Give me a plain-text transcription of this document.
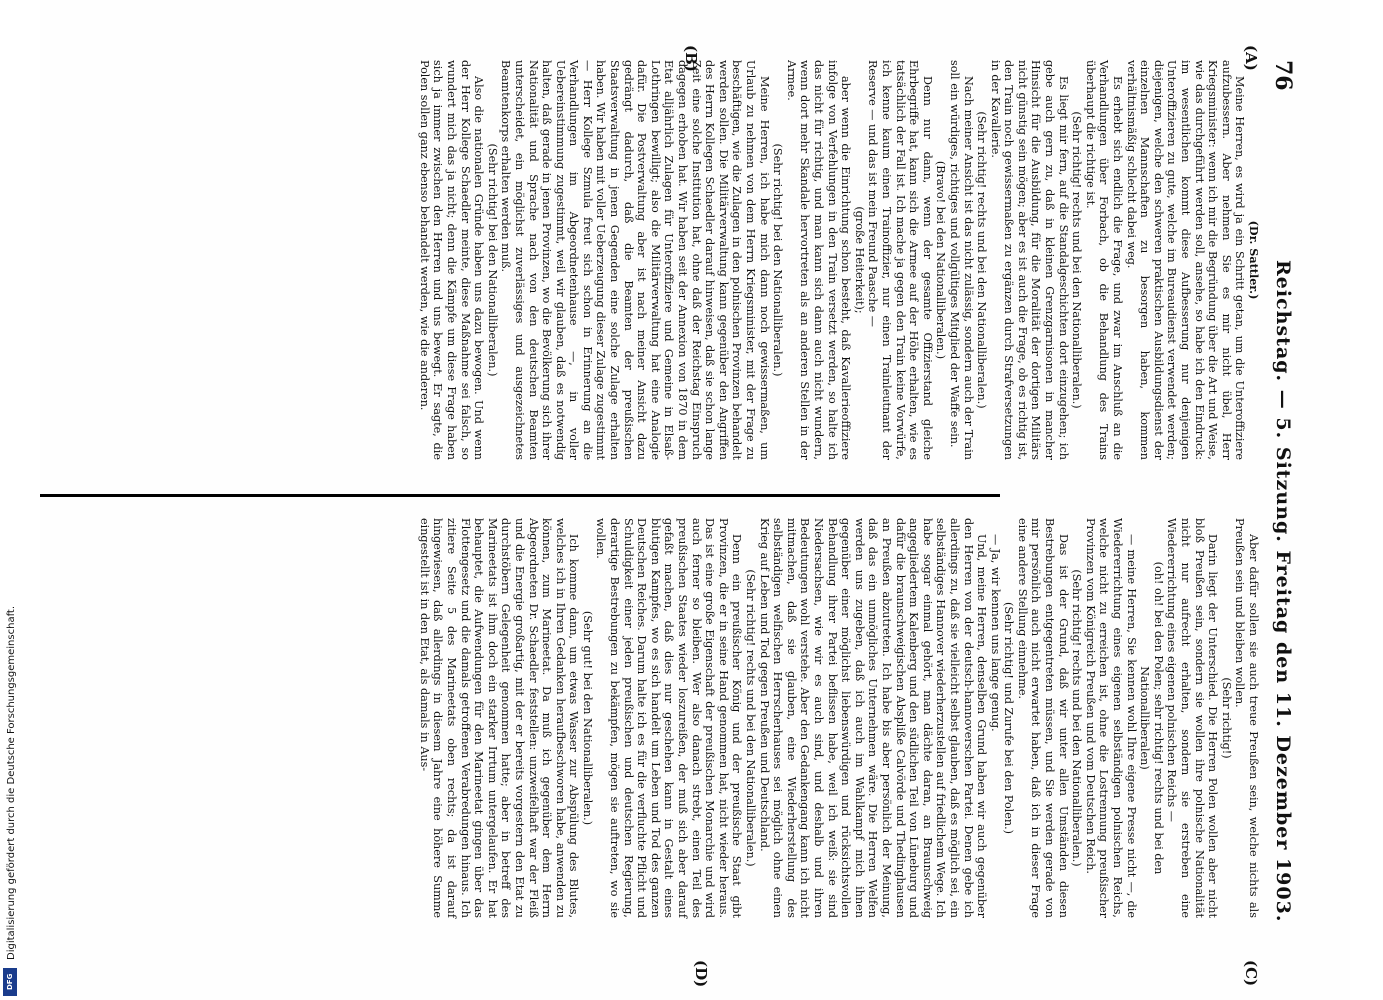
76
Reichstag. — 5. Sitzung. Freitag den 11. Dezember 1903.
(A)
(B)
(C)
(D)

(Dr. Sattler.)

Meine Herren, es wird ja ein Schritt getan, um die Unteroffiziere aufzubessern. Aber nehmen Sie es mir nicht übel, Herr Kriegsminister: wenn ich mir die Begründung über die Art und Weise, wie das durchgeführt werden soll, ansehe, so habe ich den Eindruck: im wesentlichen kommt diese Aufbesserung nur denjenigen Unteroffizieren zu gute, welche im Bureaudienst verwendet werden; diejenigen, welche den schweren praktischen Ausbildungsdienst der einzelnen Mannschaften zu besorgen haben, kommen verhältnismäßig schlecht dabei weg.

Es erhebt sich endlich die Frage, und zwar im Anschluß an die Verhandlungen über Forbach, ob die Behandlung des Trains überhaupt die richtige ist.

(Sehr richtig! rechts und bei den Nationalliberalen.)

Es liegt mir fern, auf die Standalgeschichten dort einzugehen; ich gebe auch gern zu, daß in kleinen Grenzgarnisonen in mancher Hinsicht für die Ausbildung, für die Moralität der dortigen Militärs nicht günstig sein mögen; aber es ist auch die Frage, ob es richtig ist, den Train noch gewissermaßen zu ergänzen durch Strafversetzungen in der Kavallerie.

(Sehr richtig! rechts und bei den Nationalliberalen.)

Nach meiner Ansicht ist das nicht zulässig, sondern auch der Train soll ein würdiges, richtiges und vollgültiges Mitglied der Waffe sein.

(Bravo! bei den Nationalliberalen.)

Denn nur dann, wenn der gesamte Offizierstand gleiche Ehrbegriffe hat, kann sich die Armee auf der Höhe erhalten, wie es tatsächlich der Fall ist. Ich mache ja gegen den Train keine Vorwürfe, ich kenne kaum einen Trainoffizier, nur einen Trainleutnant der Reserve — und das ist mein Freund Paasche —

(große Heiterkeit);

aber wenn die Einrichtung schon besteht, daß Kavallerieoffiziere infolge von Verfehlungen in den Train versetzt werden, so halte ich das nicht für richtig, und man kann sich dann auch nicht wundern, wenn dort mehr Skandale hervortreten als an anderen Stellen in der Armee.

(Sehr richtig! bei den Nationalliberalen.)

Meine Herren, ich habe mich dann noch gewissermaßen, um Urlaub zu nehmen von dem Herrn Kriegsminister, mit der Frage zu beschäftigen, wie die Zulagen in den polnischen Provinzen behandelt werden sollen. Die Militärverwaltung kann gegenüber den Angriffen des Herrn Kollegen Schaedler darauf hinweisen, daß sie schon lange Zeit eine solche Institution hat, ohne daß der Reichstag Einspruch dagegen erhoben hat. Wir haben seit der Annexion von 1870 in dem Etat alljährlich Zulagen für Unteroffiziere und Gemeine in Elsaß-Lothringen bewilligt; also die Militärverwaltung hat eine Analogie dafür. Die Postverwaltung aber ist nach meiner Ansicht dazu gedrängt dadurch, daß die Beamten der preußischen Staatsverwaltung in jenen Gegenden eine solche Zulage erhalten haben. Wir haben mit voller Ueberzeugung dieser Zulage zugestimmt — Herr Kollege Szmula freut sich schon in Erinnerung an die Verhandlungen im Abgeordnetenhause —, in voller Uebereinstimmung zugestimmt, weil wir glauben, daß es notwendig halten, daß gerade in jenen Provinzen, wo die Bevölkerung sich ihrer Nationalität und Sprache nach von den deutschen Beamten unterscheidet, ein möglichst zuverlässiges und ausgezeichnetes Beamtenkorps erhalten werden muß.

(Sehr richtig! bei den Nationalliberalen.)

Also die nationalen Gründe haben uns dazu bewogen. Und wenn der Herr Kollege Schaedler meinte, diese Maßnahme sei falsch, so wundert mich das ja nicht; denn die Kämpfe um diese Frage haben sich ja immer zwischen den Herren und uns bewegt. Er sagte, die Polen sollen ganz ebenso behandelt werden, wie die anderen.

Aber dafür sollen sie auch treue Preußen sein, welche nichts als Preußen sein und bleiben wollen.

(Sehr richtig!)

Darin liegt der Unterschied. Die Herren Polen wollen aber nicht bloß Preußen sein, sondern sie wollen ihre polnische Nationalität nicht nur aufrecht erhalten, sondern sie erstreben eine Wiedererrichtung eines eigenen polnischen Reichs —

(oh! oh! bei den Polen; sehr richtig! rechts und bei den Nationalliberalen)

— meine Herren, Sie kennen wohl Ihre eigene Presse nicht —, die Wiedererrichtung eines eigenen selbständigen polnischen Reichs, welche nicht zu erreichen ist, ohne die Lostrennung preußischer Provinzen vom Königreich Preußen und vom Deutschen Reich.

(Sehr richtig! rechts und bei den Nationalliberalen.)

Das ist der Grund, daß wir unter allen Umständen diesen Bestrebungen entgegentreten müssen, und Sie werden gerade von mir persönlich auch nicht erwartet haben, daß ich in dieser Frage eine andere Stellung einnehme.

(Sehr richtig! und Zurufe bei den Polen.)

— Ja, wir kennen uns lange genug.

Und, meine Herren, denselben Grund haben wir auch gegenüber den Herren von der deutsch-hannoverschen Partei. Denen gebe ich allerdings zu, daß sie vielleicht selbst glauben, daß es möglich sei, ein selbständiges Hannover wiederherzustellen auf friedlichem Wege. Ich habe sogar einmal gehört, man dächte daran, an Braunschweig angegliedertem Kalenberg und den südlichen Teil von Lüneburg und dafür die braunschweigischen Abspliße Calvörde und Thedinghausen an Preußen abzutreten. Ich habe bis aber persönlich der Meinung, daß das ein unmögliches Unternehmen wäre. Die Herren Welfen werden uns zugeben, daß ich auch im Wahlkampf mich ihnen gegenüber einer möglichst liebenswürdigen und rücksichtsvollen Behandlung ihrer Partei beflissen habe, weil ich weiß: sie sind Niedersachsen, wie wir es auch sind, und deshalb und ihren Bedeutungen wohl verstehe. Aber den Gedankengang kann ich nicht mitmachen, daß sie glauben, eine Wiederherstellung des selbständigen welfischen Herrscherhauses sei möglich ohne einen Krieg auf Leben und Tod gegen Preußen und Deutschland.

(Sehr richtig! rechts und bei den Nationalliberalen.)

Denn ein preußischer König und der preußische Staat gibt Provinzen, die er in seine Hand genommen hat, nicht wieder heraus. Das ist eine große Eigenschaft der preußischen Monarchie und wird auch ferner so bleiben. Wer also danach strebt, einen Teil des preußischen Staates wieder loszureißen, der muß sich aber darauf gefaßt machen, daß dies nur geschehen kann in Gestalt eines blutigen Kampfes, wo es sich handelt um Leben und Tod des ganzen Deutschen Reiches. Darum halte ich es für die verfluchte Pflicht und Schuldigkeit einer jeden preußischen und deutschen Regierung, derartige Bestrebungen zu bekämpfen, mögen sie auftreten, wo sie wollen.

(Sehr gut! bei den Nationalliberalen.)

Ich komme dann, um etwas Wasser zur Abspülung des Blutes, welches ich in Ihren Gedanken heraufbeschworen habe, anwenden zu können, zum Marineetat. Da muß ich gegenüber dem Herrn Abgeordneten Dr. Schaedler feststellen: unzweifelhaft war der Fleiß und die Energie großartig, mit der er bereits vorgestern den Etat zu durchstöbern Gelegenheit genommen hatte; aber in betreff des Marineetats ist ihm doch ein starker Irrtum untergelaufen. Er hat behauptet, die Aufwendungen für den Marineetat gingen über das Flottengesetz und die damals getroffenen Verabredungen hinaus. Ich zitiere Seite 5 des Marineetats oben rechts; da ist darauf hingewiesen, daß allerdings in diesem Jahre eine höhere Summe eingestellt ist in den Etat, als damals in Aus-

Digitalisierung gefördert durch die Deutsche Forschungsgemeinschaft.
DFG
